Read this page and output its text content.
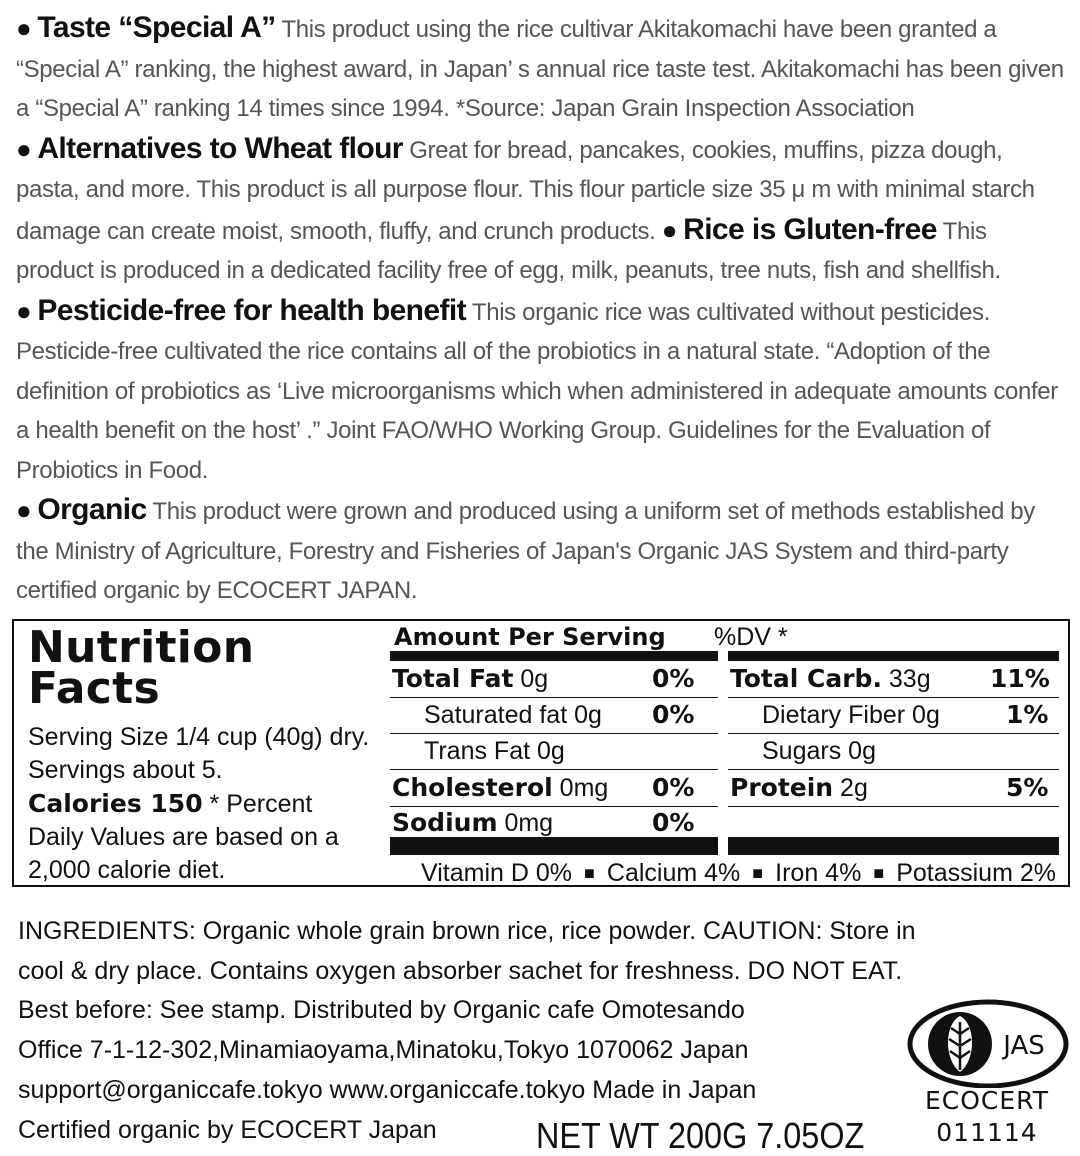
● Taste “Special A” This product using the rice cultivar Akitakomachi have been granted a “Special A” ranking, the highest award, in Japan’ s annual rice taste test. Akitakomachi has been given a “Special A” ranking 14 times since 1994. *Source: Japan Grain Inspection Association ● Alternatives to Wheat flour Great for bread, pancakes, cookies, muffins, pizza dough, pasta, and more. This product is all purpose flour. This flour particle size 35 μ m with minimal starch damage can create moist, smooth, fluffy, and crunch products. ● Rice is Gluten-free This product is produced in a dedicated facility free of egg, milk, peanuts, tree nuts, fish and shellfish. ● Pesticide-free for health benefit This organic rice was cultivated without pesticides. Pesticide-free cultivated the rice contains all of the probiotics in a natural state. “Adoption of the definition of probiotics as ‘Live microorganisms which when administered in adequate amounts confer a health benefit on the host’ .” Joint FAO/WHO Working Group. Guidelines for the Evaluation of Probiotics in Food.
● Organic This product were grown and produced using a uniform set of methods established by the Ministry of Agriculture, Forestry and Fisheries of Japan's Organic JAS System and third-party certified organic by ECOCERT JAPAN.
Nutrition
Facts
Serving Size 1/4 cup (40g) dry. Servings about 5.
Calories 150 * Percent Daily Values are based on a 2,000 calorie diet.
Amount Per Serving %DV *
Total Fat 0g	0%
Saturated fat 0g 0%
Trans Fat 0g
Cholesterol 0mg 0%
Sodium 0mg	0%
Total Carb. 33g 11%
Dietary Fiber 0g	1%
Sugars 0g
Protein 2g	5%
Vitamin D 0% ■ Calcium 4% ■ Iron 4% ■ Potassium 2%
INGREDIENTS: Organic whole grain brown rice, rice powder. CAUTION: Store in
cool & dry place. Contains oxygen absorber sachet for freshness. DO NOT EAT.
Best before: See stamp. Distributed by Organic cafe Omotesando
Office 7-1-12-302,Minamiaoyama,Minatoku,Tokyo 1070062 Japan
support@organiccafe.tokyo www.organiccafe.tokyo Made in Japan
Certified organic by ECOCERT Japan	NET WT 200G 7.05OZ
JAS
ECOCERT
011114
